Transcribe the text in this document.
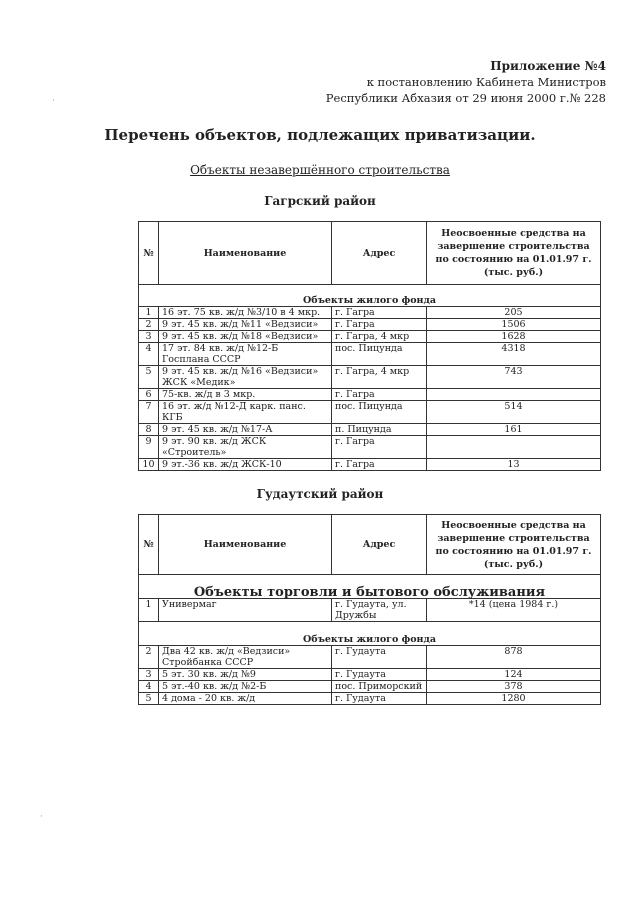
Приложение №4
к постановлению Кабинета Министров
Республики Абхазия от 29 июня 2000 г.№ 228
Перечень объектов, подлежащих приватизации.
Объекты незавершённого строительства
Гагрский район
№	Наименование	Адрес	Неосвоенные средства на завершение строительства по состоянию на 01.01.97 г. (тыс. руб.)
Объекты жилого фонда			
1	16 эт. 75 кв. ж/д №3/10 в 4 мкр.	г. Гагра	205
2	9 эт. 45 кв. ж/д №11 «Ведзиси»	г. Гагра	1506
3	9 эт. 45 кв. ж/д №18 «Ведзиси»	г. Гагра, 4 мкр	1628
4	17 эт. 84 кв. ж/д №12-Б Госплана СССР	пос. Пицунда	4318
5	9 эт. 45 кв. ж/д №16 «Ведзиси» ЖСК «Медик»	г. Гагра, 4 мкр	743
6	75-кв. ж/д в 3 мкр.	г. Гагра	
7	16 эт. ж/д №12-Д карк. панс. КГБ	пос. Пицунда	514
8	9 эт. 45 кв. ж/д №17-А	п. Пицунда	161
9	9 эт. 90 кв. ж/д ЖСК «Строитель»	г. Гагра	
10	9 эт.-36 кв. ж/д ЖСК-10	г. Гагра	13
Гудаутский район
№	Наименование	Адрес	Неосвоенные средства на завершение строительства по состоянию на 01.01.97 г. (тыс. руб.)
Объекты торговли и бытового обслуживания			
1	Универмаг	г. Гудаута, ул. Дружбы	*14 (цена 1984 г.)
Объекты жилого фонда			
2	Два 42 кв. ж/д «Ведзиси» Стройбанка СССР	г. Гудаута	878
3	5 эт. 30 кв. ж/д №9	г. Гудаута	124
4	5 эт.-40 кв. ж/д №2-Б	пос. Приморский	378
5	4 дома - 20 кв. ж/д	г. Гудаута	1280
·
·
